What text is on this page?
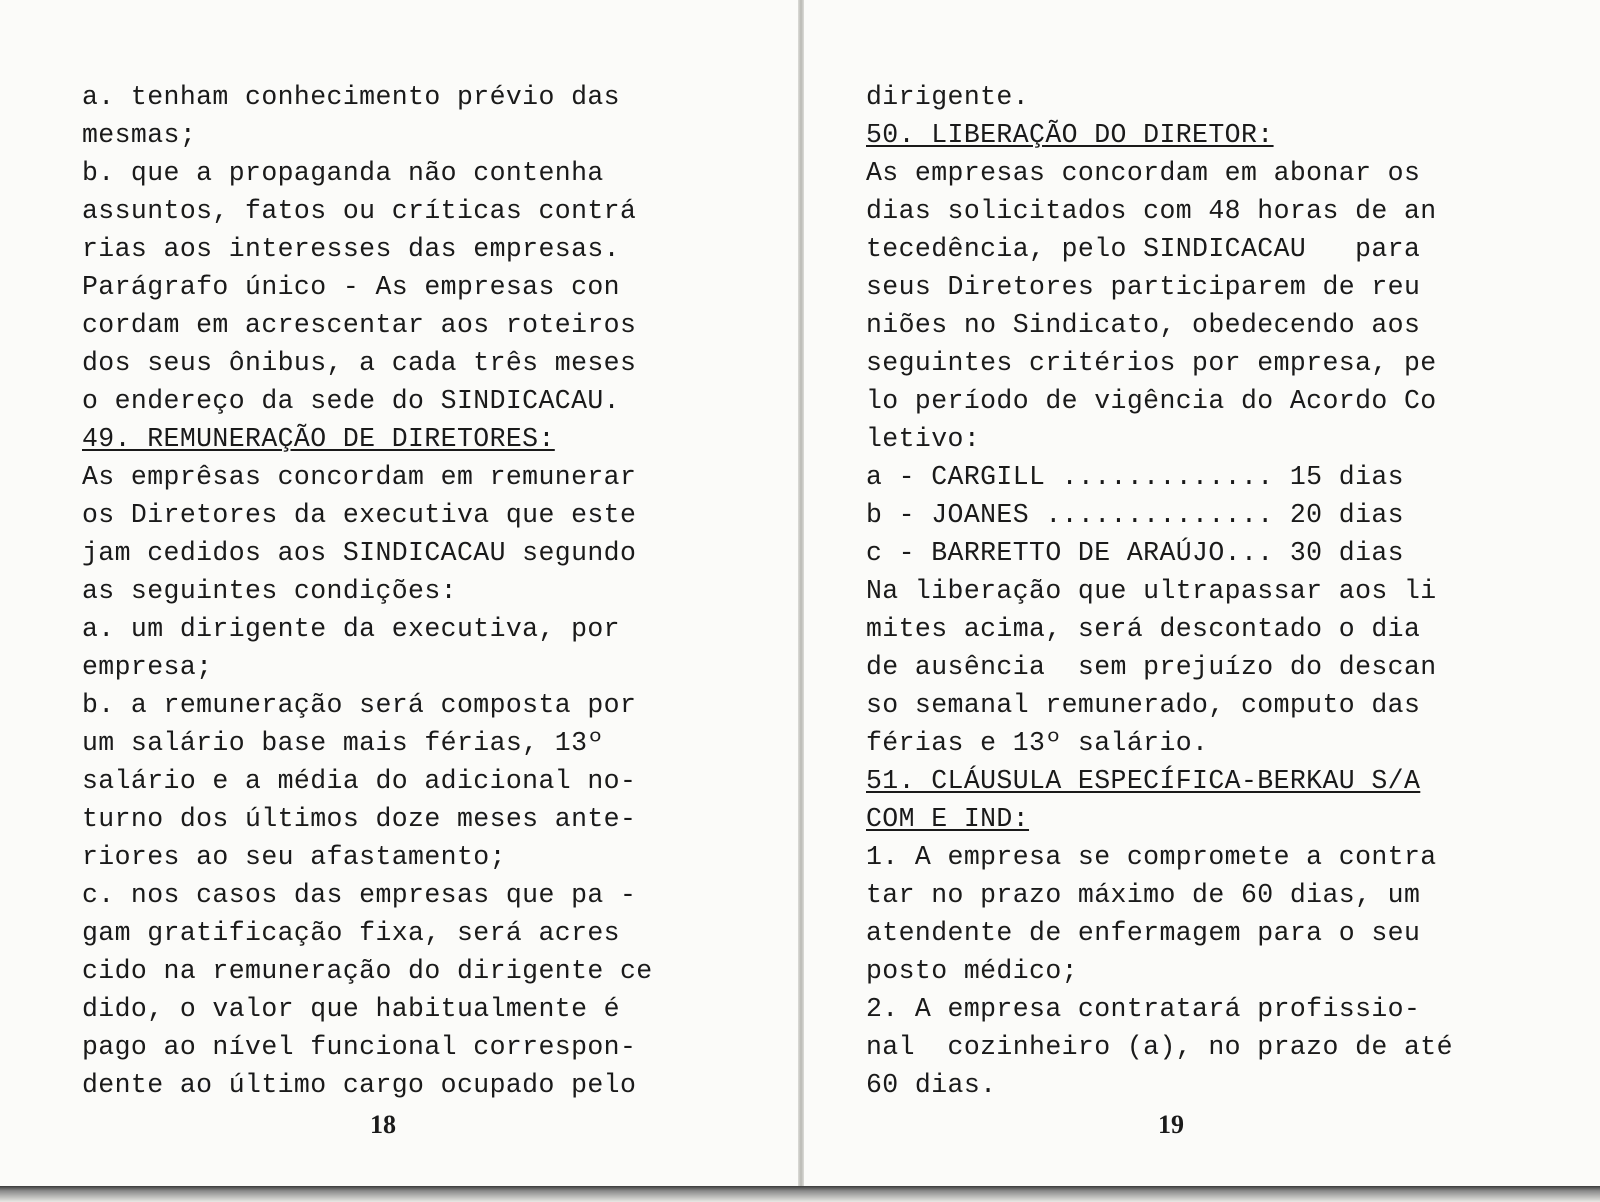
a. tenham conhecimento prévio das
mesmas;
b. que a propaganda não contenha
assuntos, fatos ou críticas contrá
rias aos interesses das empresas.
Parágrafo único - As empresas con
cordam em acrescentar aos roteiros
dos seus ônibus, a cada três meses
o endereço da sede do SINDICACAU.
49. REMUNERAÇÃO DE DIRETORES:
As emprêsas concordam em remunerar
os Diretores da executiva que este
jam cedidos aos SINDICACAU segundo
as seguintes condições:
a. um dirigente da executiva, por
empresa;
b. a remuneração será composta por
um salário base mais férias, 13º
salário e a média do adicional no-
turno dos últimos doze meses ante-
riores ao seu afastamento;
c. nos casos das empresas que pa -
gam gratificação fixa, será acres
cido na remuneração do dirigente ce
dido, o valor que habitualmente é
pago ao nível funcional correspon-
dente ao último cargo ocupado pelo
18
dirigente.
50. LIBERAÇÃO DO DIRETOR:
As empresas concordam em abonar os
dias solicitados com 48 horas de an
tecedência, pelo SINDICACAU   para
seus Diretores participarem de reu
niões no Sindicato, obedecendo aos
seguintes critérios por empresa, pe
lo período de vigência do Acordo Co
letivo:
a - CARGILL ............. 15 dias
b - JOANES .............. 20 dias
c - BARRETTO DE ARAÚJO... 30 dias
Na liberação que ultrapassar aos li
mites acima, será descontado o dia
de ausência  sem prejuízo do descan
so semanal remunerado, computo das
férias e 13º salário.
51. CLÁUSULA ESPECÍFICA-BERKAU S/A
COM E IND:
1. A empresa se compromete a contra
tar no prazo máximo de 60 dias, um
atendente de enfermagem para o seu
posto médico;
2. A empresa contratará profissio-
nal  cozinheiro (a), no prazo de até
60 dias.
19
